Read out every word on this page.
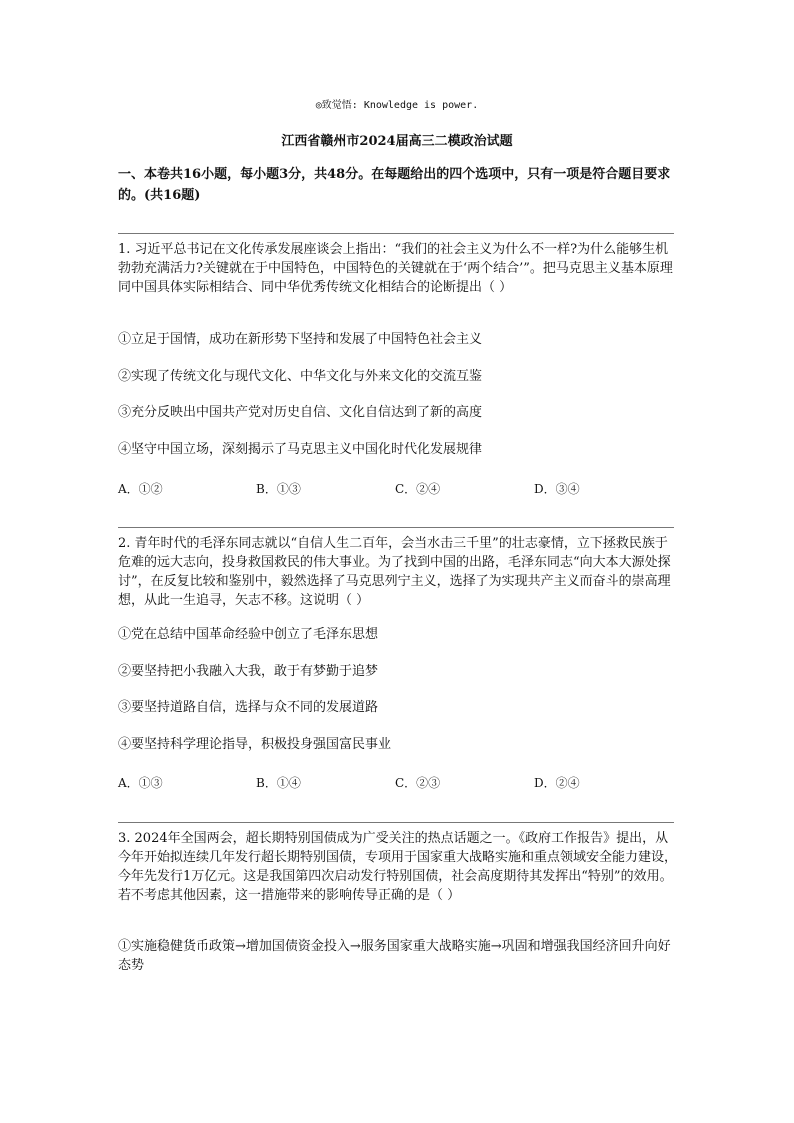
◎致觉悟: Knowledge is power.
江西省赣州市2024届高三二模政治试题
一、本卷共16小题，每小题3分，共48分。在每题给出的四个选项中，只有一项是符合题目要求的。(共16题)
1. 习近平总书记在文化传承发展座谈会上指出：“我们的社会主义为什么不一样?为什么能够生机勃勃充满活力?关键就在于中国特色，中国特色的关键就在于‘两个结合’”。把马克思主义基本原理同中国具体实际相结合、同中华优秀传统文化相结合的论断提出（ ）
①立足于国情，成功在新形势下坚持和发展了中国特色社会主义
②实现了传统文化与现代文化、中华文化与外来文化的交流互鉴
③充分反映出中国共产党对历史自信、文化自信达到了新的高度
④坚守中国立场，深刻揭示了马克思主义中国化时代化发展规律
A．①②	B．①③	C．②④	D．③④
2. 青年时代的毛泽东同志就以“自信人生二百年，会当水击三千里”的壮志豪情，立下拯救民族于危难的远大志向，投身救国救民的伟大事业。为了找到中国的出路，毛泽东同志“向大本大源处探讨”，在反复比较和鉴别中，毅然选择了马克思列宁主义，选择了为实现共产主义而奋斗的崇高理想，从此一生追寻，矢志不移。这说明（ ）
①党在总结中国革命经验中创立了毛泽东思想
②要坚持把小我融入大我，敢于有梦勤于追梦
③要坚持道路自信，选择与众不同的发展道路
④要坚持科学理论指导，积极投身强国富民事业
A．①③	B．①④	C．②③	D．②④
3. 2024年全国两会，超长期特别国债成为广受关注的热点话题之一。《政府工作报告》提出，从今年开始拟连续几年发行超长期特别国债，专项用于国家重大战略实施和重点领域安全能力建设，今年先发行1万亿元。这是我国第四次启动发行特别国债，社会高度期待其发挥出“特别”的效用。若不考虑其他因素，这一措施带来的影响传导正确的是（ ）
①实施稳健货币政策→增加国债资金投入→服务国家重大战略实施→巩固和增强我国经济回升向好态势
